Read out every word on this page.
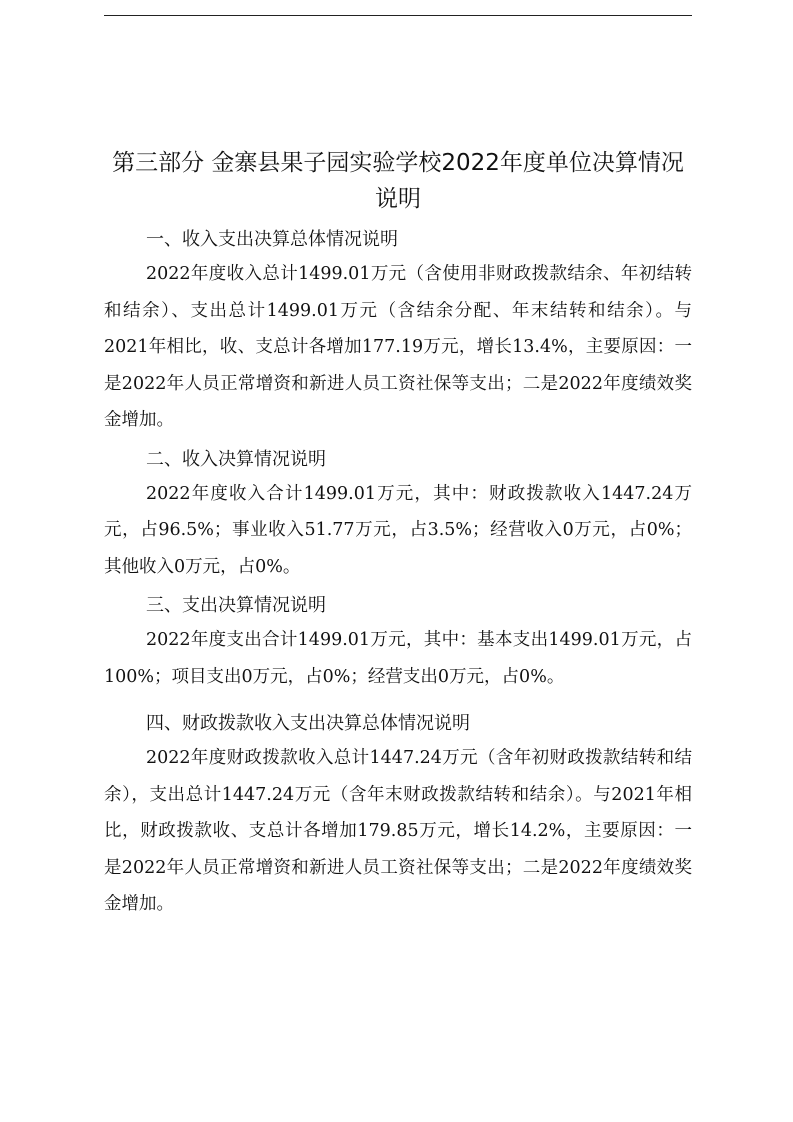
第三部分 金寨县果子园实验学校2022年度单位决算情况说明
一、收入支出决算总体情况说明

2022年度收入总计1499.01万元（含使用非财政拨款结余、年初结转和结余）、支出总计1499.01万元（含结余分配、年末结转和结余）。与2021年相比，收、支总计各增加177.19万元，增长13.4%，主要原因：一是2022年人员正常增资和新进人员工资社保等支出；二是2022年度绩效奖金增加。

二、收入决算情况说明

2022年度收入合计1499.01万元，其中：财政拨款收入1447.24万元，占96.5%；事业收入51.77万元，占3.5%；经营收入0万元，占0%；其他收入0万元，占0%。

三、支出决算情况说明

2022年度支出合计1499.01万元，其中：基本支出1499.01万元，占100%；项目支出0万元，占0%；经营支出0万元，占0%。

四、财政拨款收入支出决算总体情况说明

2022年度财政拨款收入总计1447.24万元（含年初财政拨款结转和结余），支出总计1447.24万元（含年末财政拨款结转和结余）。与2021年相比，财政拨款收、支总计各增加179.85万元，增长14.2%，主要原因：一是2022年人员正常增资和新进人员工资社保等支出；二是2022年度绩效奖金增加。
